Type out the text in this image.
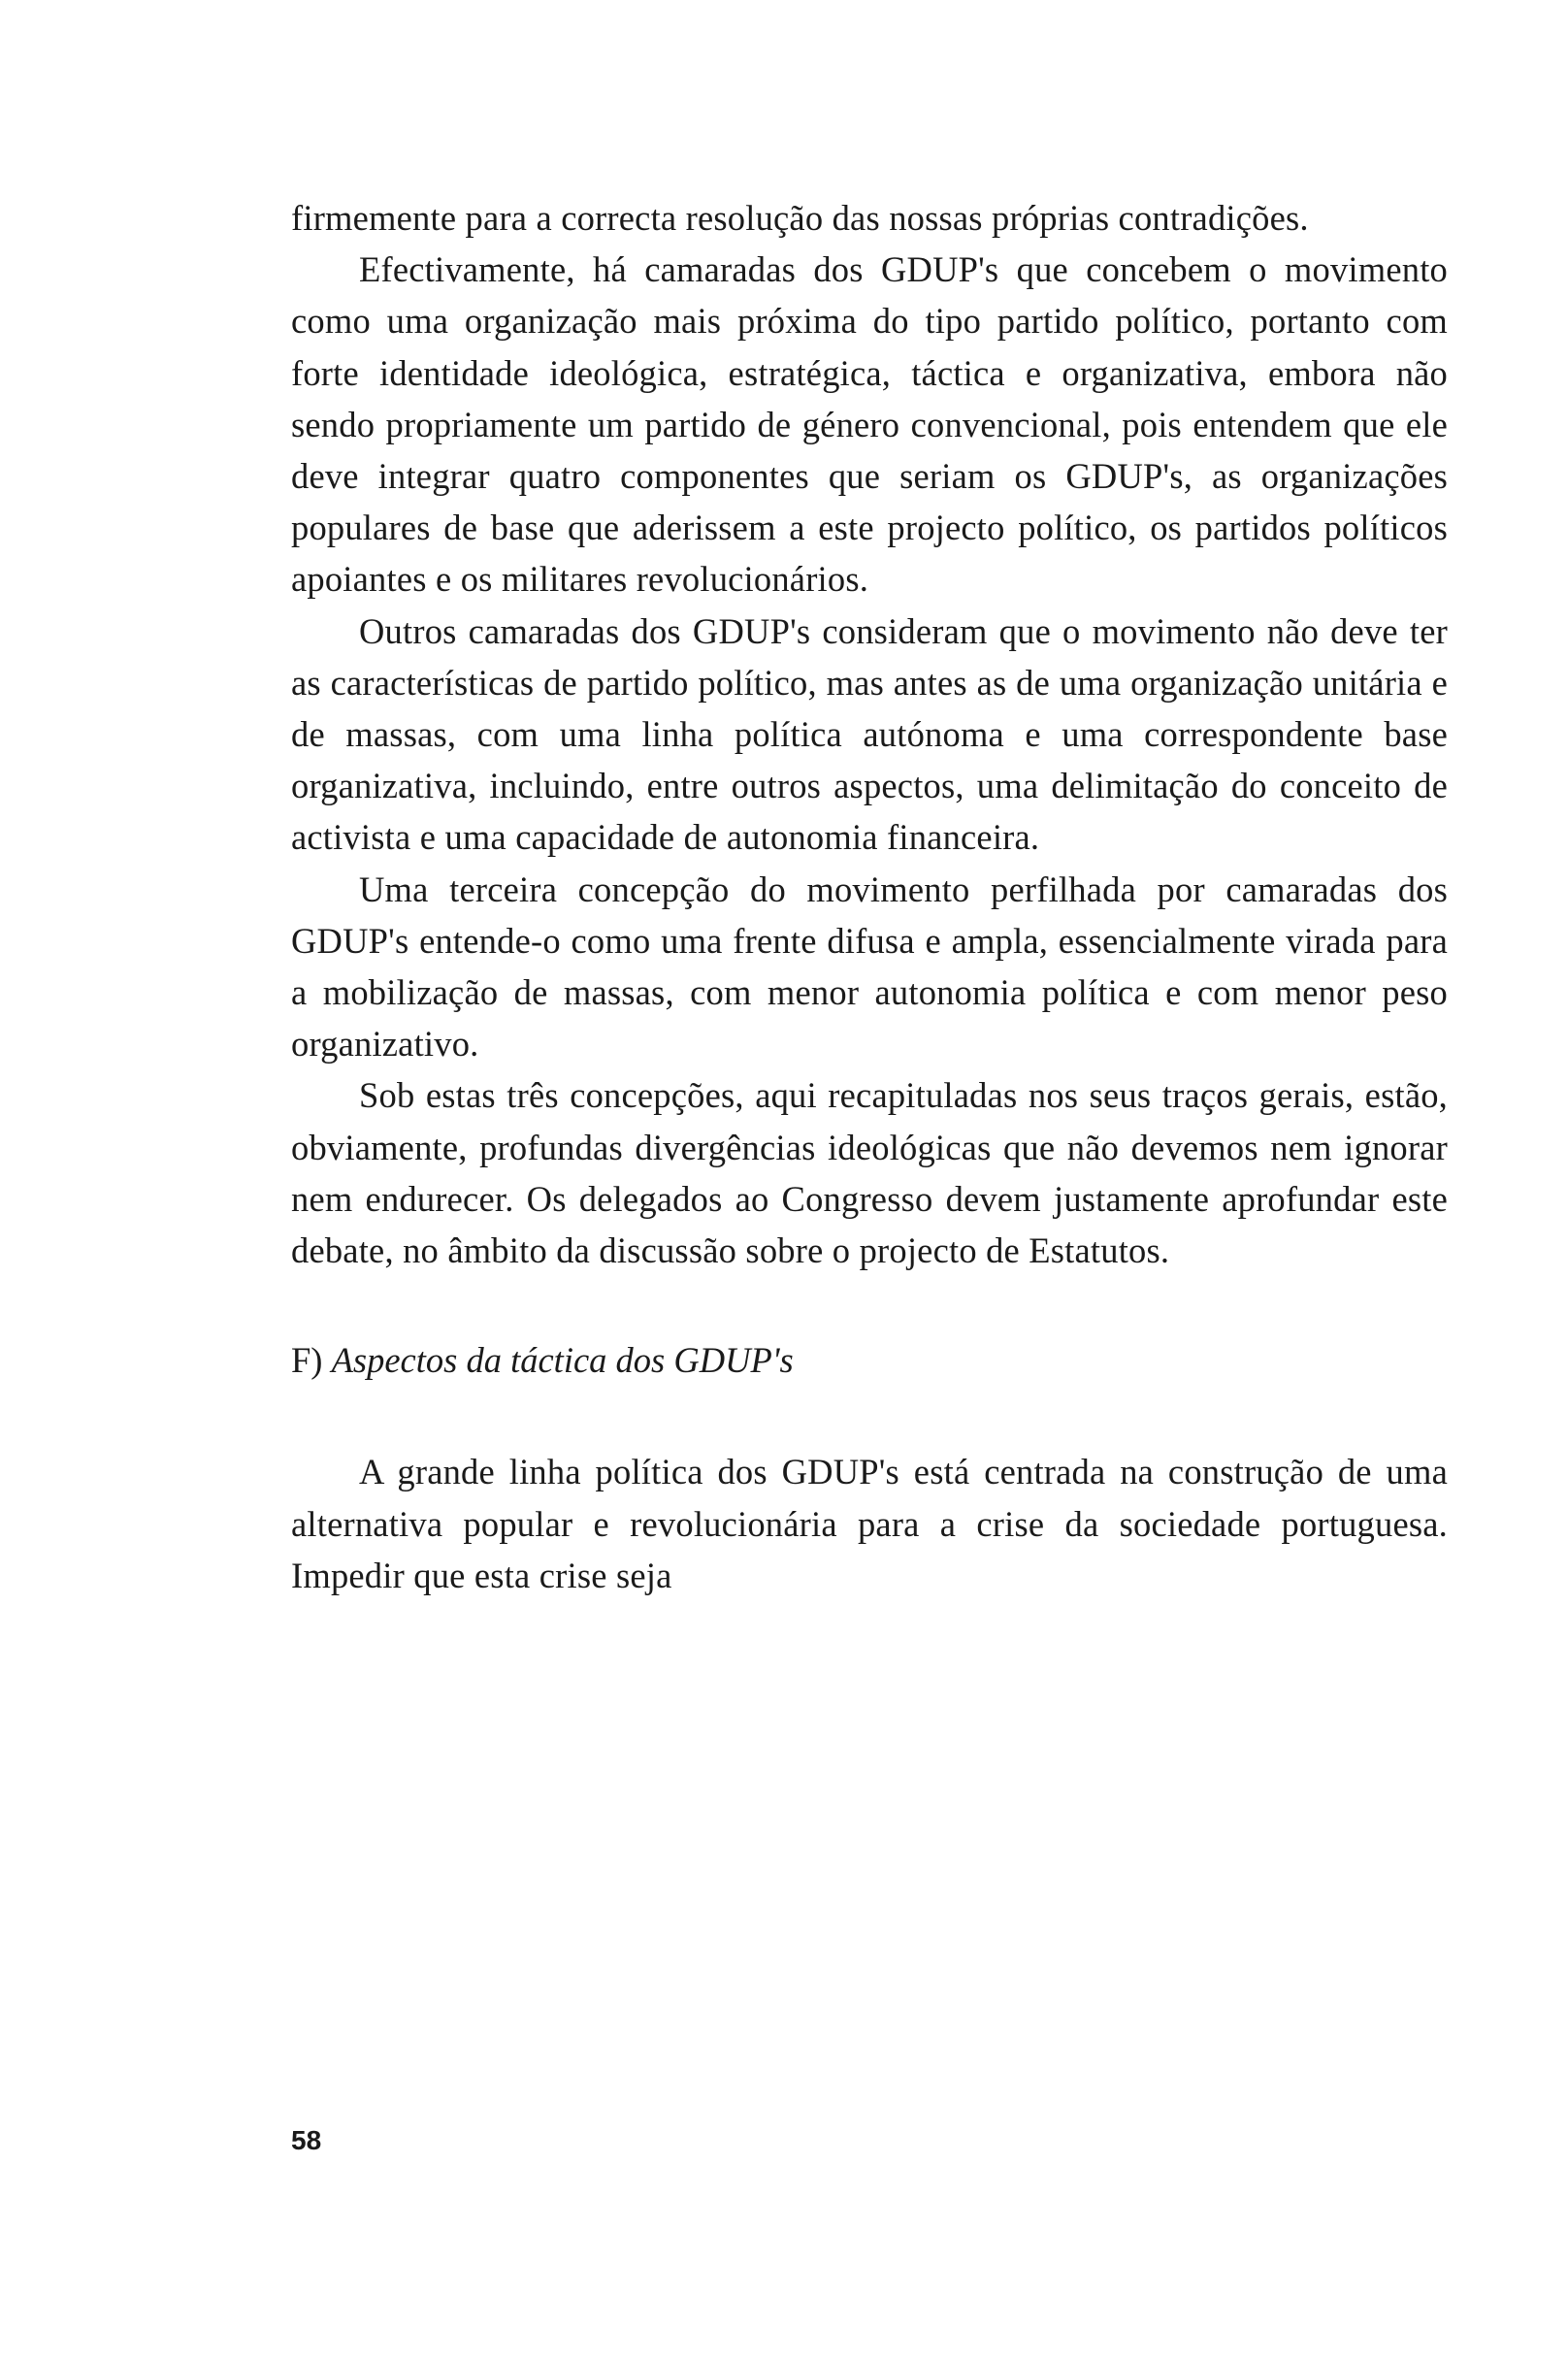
firmemente para a correcta resolução das nossas próprias contradições.

Efectivamente, há camaradas dos GDUP's que concebem o movimento como uma organização mais próxima do tipo partido político, portanto com forte identidade ideológica, estratégica, táctica e organizativa, embora não sendo propriamente um partido de género convencional, pois entendem que ele deve integrar quatro componentes que seriam os GDUP's, as organizações populares de base que aderissem a este projecto político, os partidos políticos apoiantes e os militares revolucionários.

Outros camaradas dos GDUP's consideram que o movimento não deve ter as características de partido político, mas antes as de uma organização unitária e de massas, com uma linha política autónoma e uma correspondente base organizativa, incluindo, entre outros aspectos, uma delimitação do conceito de activista e uma capacidade de autonomia financeira.

Uma terceira concepção do movimento perfilhada por camaradas dos GDUP's entende-o como uma frente difusa e ampla, essencialmente virada para a mobilização de massas, com menor autonomia política e com menor peso organizativo.

Sob estas três concepções, aqui recapituladas nos seus traços gerais, estão, obviamente, profundas divergências ideológicas que não devemos nem ignorar nem endurecer. Os delegados ao Congresso devem justamente aprofundar este debate, no âmbito da discussão sobre o projecto de Estatutos.

F) Aspectos da táctica dos GDUP's

A grande linha política dos GDUP's está centrada na construção de uma alternativa popular e revolucionária para a crise da sociedade portuguesa. Impedir que esta crise seja

58
